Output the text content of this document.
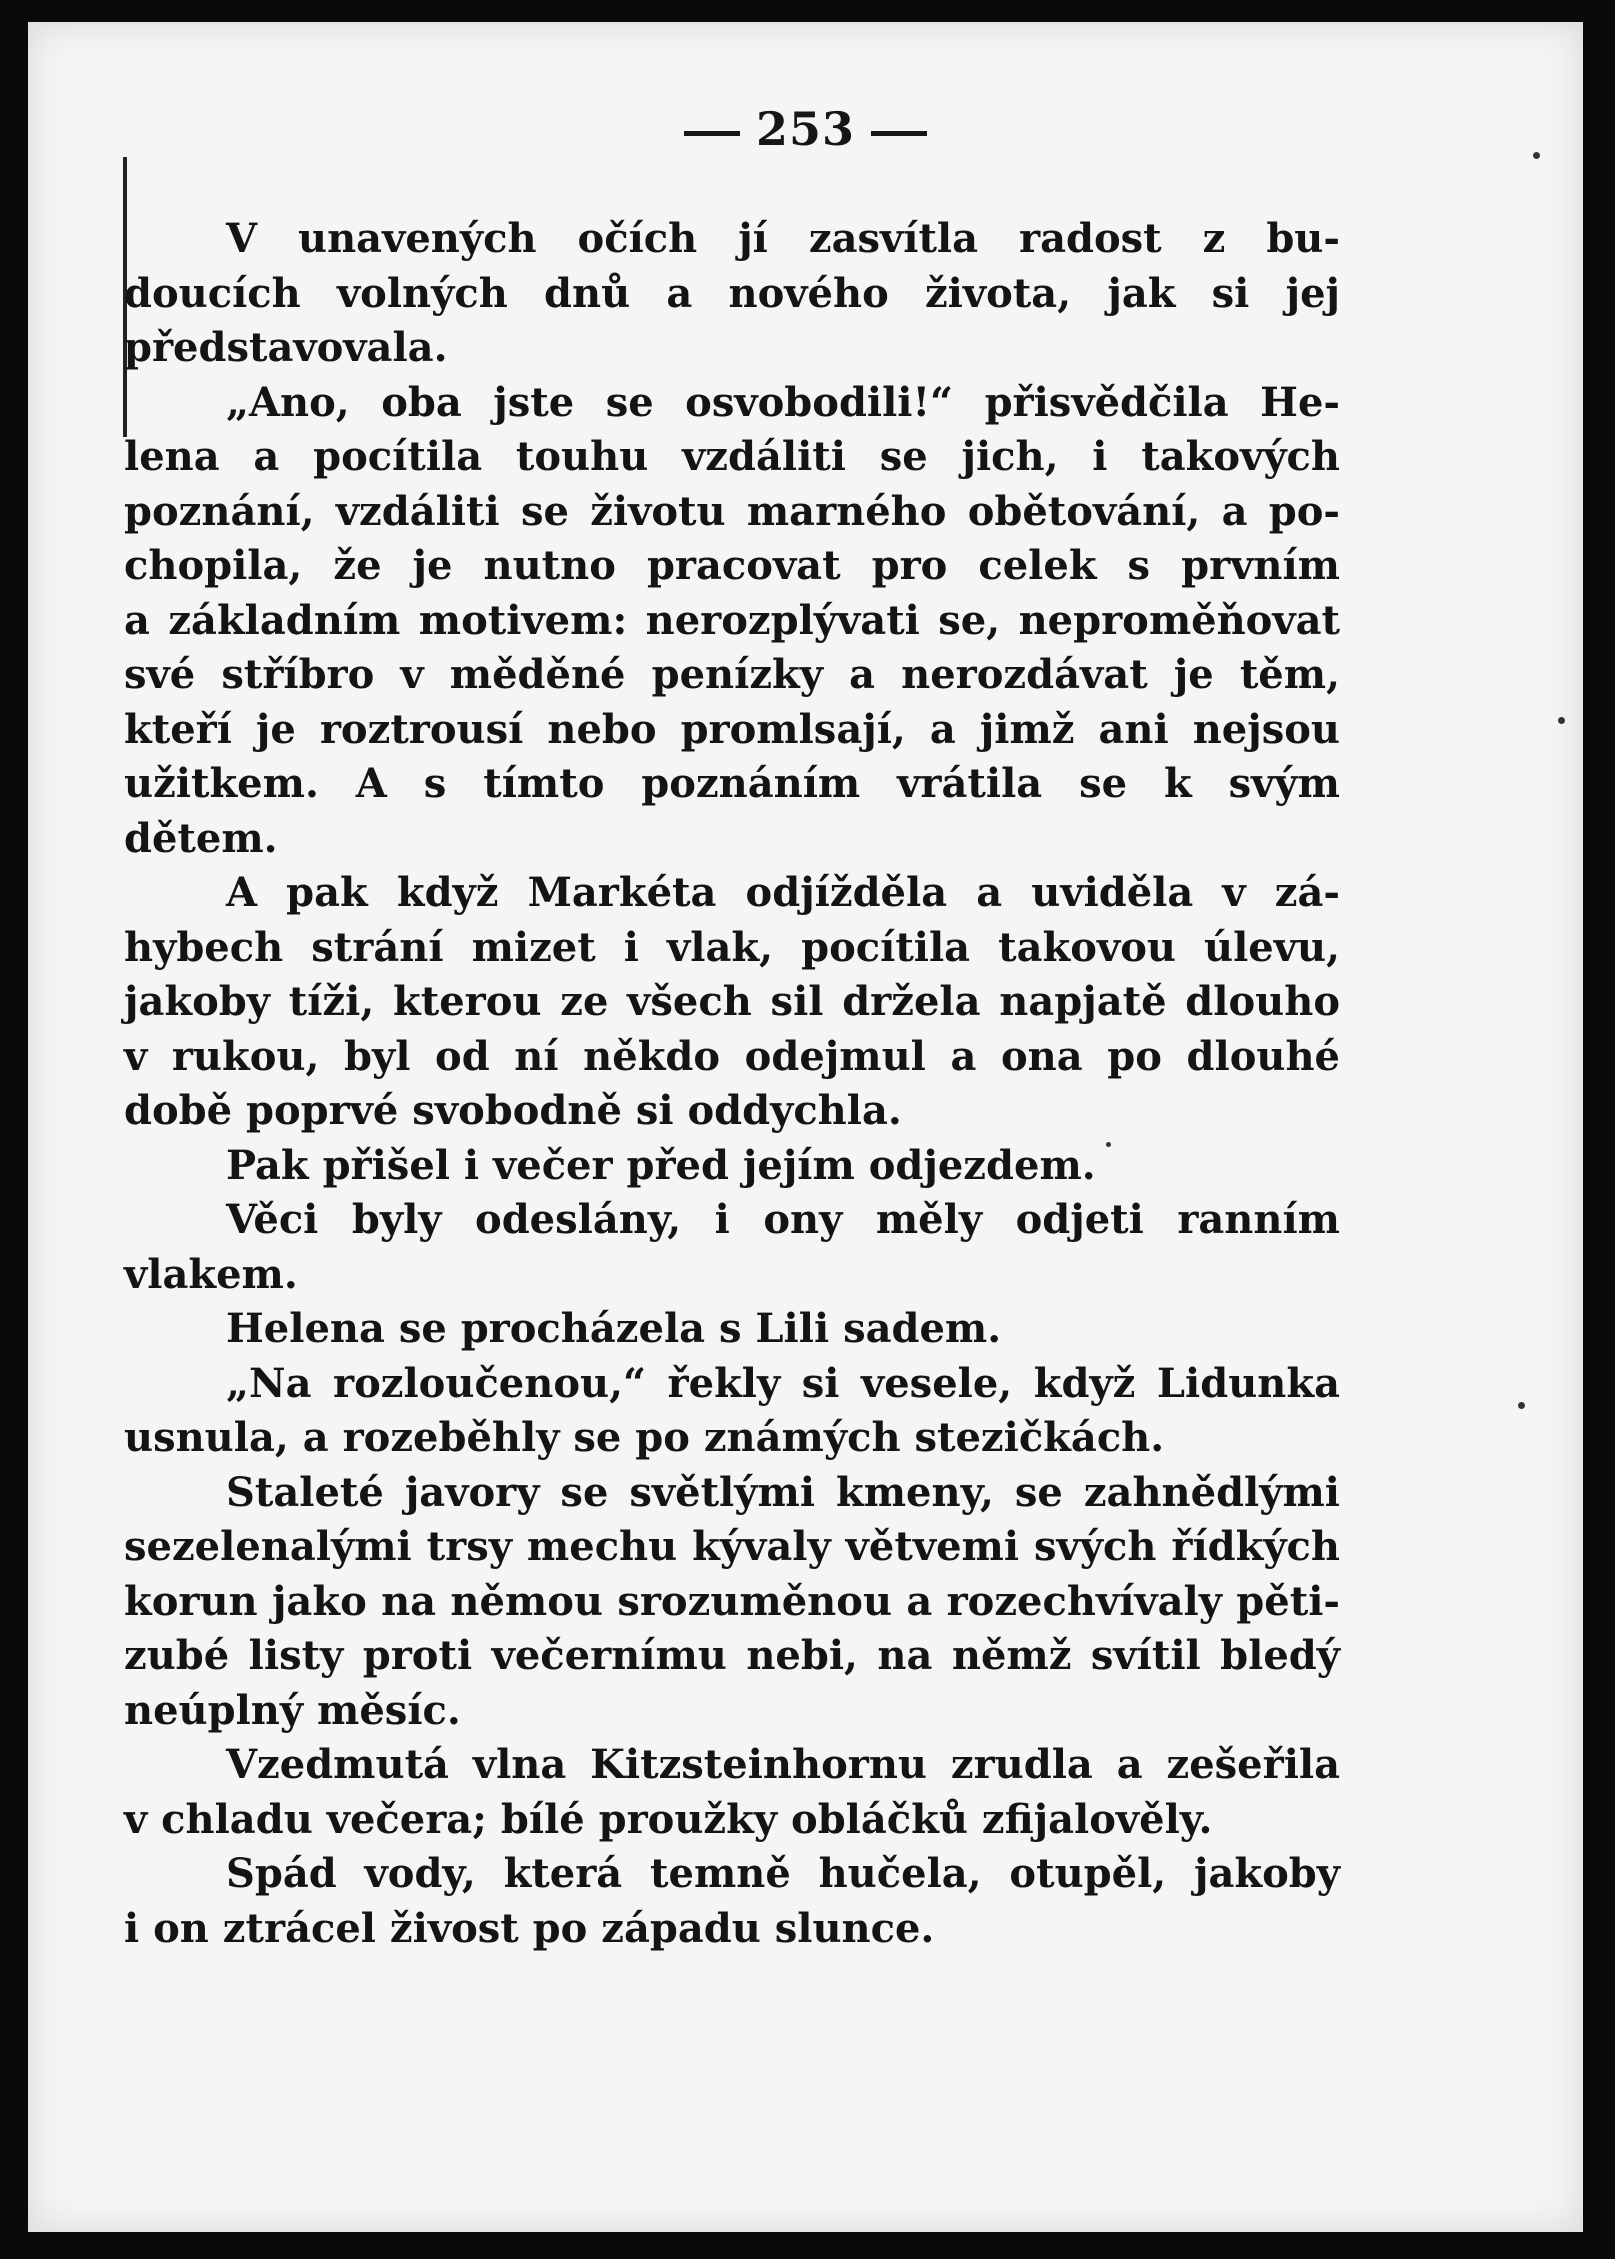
253

V unavených očích jí zasvítla radost z bu-
doucích volných dnů a nového života, jak si jej
představovala.

„Ano, oba jste se osvobodili!“ přisvědčila He-
lena a pocítila touhu vzdáliti se jich, i takových
poznání, vzdáliti se životu marného obětování, a po-
chopila, že je nutno pracovat pro celek s prvním
a základním motivem: nerozplývati se, neproměňovat
své stříbro v měděné penízky a nerozdávat je těm,
kteří je roztrousí nebo promlsají, a jimž ani nejsou
užitkem. A s tímto poznáním vrátila se k svým
dětem.

A pak když Markéta odjížděla a uviděla v zá-
hybech strání mizet i vlak, pocítila takovou úlevu,
jakoby tíži, kterou ze všech sil držela napjatě dlouho
v rukou, byl od ní někdo odejmul a ona po dlouhé
době poprvé svobodně si oddychla.

Pak přišel i večer před jejím odjezdem.

Věci byly odeslány, i ony měly odjeti ranním
vlakem.

Helena se procházela s Lili sadem.

„Na rozloučenou,“ řekly si vesele, když Lidunka
usnula, a rozeběhly se po známých stezičkách.

Staleté javory se světlými kmeny, se zahnědlými
sezelenalými trsy mechu kývaly větvemi svých řídkých
korun jako na němou srozuměnou a rozechvívaly pěti-
zubé listy proti večernímu nebi, na němž svítil bledý
neúplný měsíc.

Vzedmutá vlna Kitzsteinhornu zrudla a zešeřila
v chladu večera; bílé proužky obláčků zfijalověly.

Spád vody, která temně hučela, otupěl, jakoby
i on ztrácel živost po západu slunce.
